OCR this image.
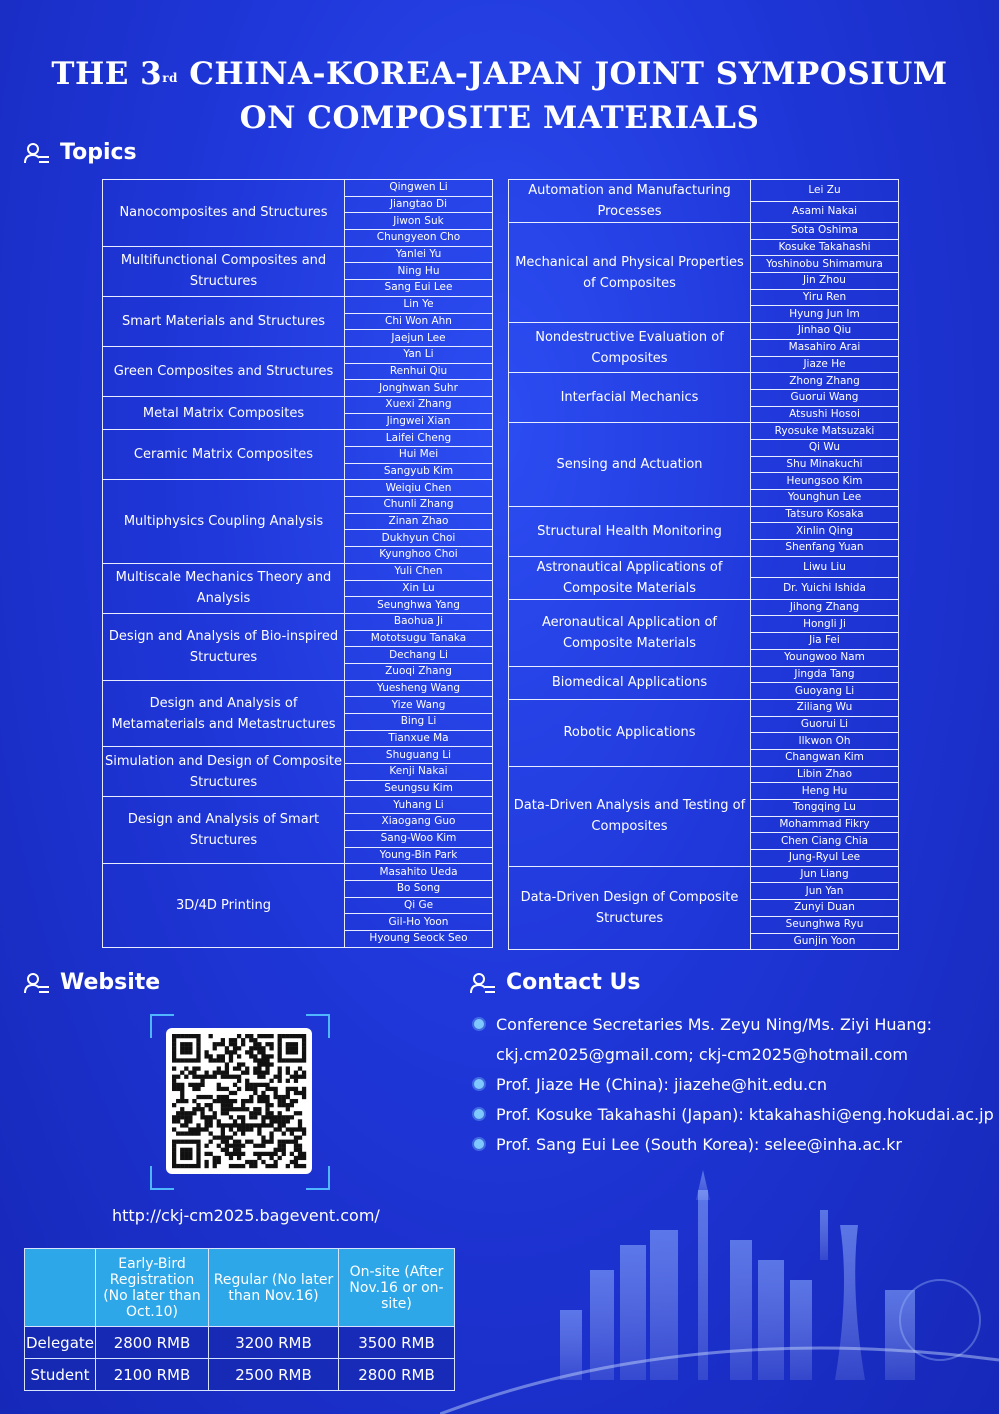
THE 3rd CHINA-KOREA-JAPAN JOINT SYMPOSIUM
ON COMPOSITE MATERIALS
Topics
Nanocomposites and Structures	Qingwen Li
	Jiangtao Di
	Jiwon Suk
	Chungyeon Cho
Multifunctional Composites and Structures	Yanlei Yu
	Ning Hu
	Sang Eui Lee
Smart Materials and Structures	Lin Ye
	Chi Won Ahn
	Jaejun Lee
Green Composites and Structures	Yan Li
	Renhui Qiu
	Jonghwan Suhr
Metal Matrix Composites	Xuexi Zhang
	Jingwei Xian
Ceramic Matrix Composites	Laifei Cheng
	Hui Mei
	Sangyub Kim
Multiphysics Coupling Analysis	Weiqiu Chen
	Chunli Zhang
	Zinan Zhao
	Dukhyun Choi
	Kyunghoo Choi
Multiscale Mechanics Theory and Analysis	Yuli Chen
	Xin Lu
	Seunghwa Yang
Design and Analysis of Bio-inspired Structures	Baohua Ji
	Mototsugu Tanaka
	Dechang Li
	Zuoqi Zhang
Design and Analysis of Metamaterials and Metastructures	Yuesheng Wang
	Yize Wang
	Bing Li
	Tianxue Ma
Simulation and Design of Composite Structures	Shuguang Li
	Kenji Nakai
	Seungsu Kim
Design and Analysis of Smart Structures	Yuhang Li
	Xiaogang Guo
	Sang-Woo Kim
	Young-Bin Park
3D/4D Printing	Masahito Ueda
	Bo Song
	Qi Ge
	Gil-Ho Yoon
	Hyoung Seock Seo
Automation and Manufacturing Processes	Lei Zu
	Asami Nakai
Mechanical and Physical Properties of Composites	Sota Oshima
	Kosuke Takahashi
	Yoshinobu Shimamura
	Jin Zhou
	Yiru Ren
	Hyung Jun Im
Nondestructive Evaluation of Composites	Jinhao Qiu
	Masahiro Arai
	Jiaze He
Interfacial Mechanics	Zhong Zhang
	Guorui Wang
	Atsushi Hosoi
Sensing and Actuation	Ryosuke Matsuzaki
	Qi Wu
	Shu Minakuchi
	Heungsoo Kim
	Younghun Lee
Structural Health Monitoring	Tatsuro Kosaka
	Xinlin Qing
	Shenfang Yuan
Astronautical Applications of Composite Materials	Liwu Liu
	Dr. Yuichi Ishida
Aeronautical Application of Composite Materials	Jihong Zhang
	Hongli Ji
	Jia Fei
	Youngwoo Nam
Biomedical Applications	Jingda Tang
	Guoyang Li
Robotic Applications	Ziliang Wu
	Guorui Li
	Ilkwon Oh
	Changwan Kim
Data-Driven Analysis and Testing of Composites	Libin Zhao
	Heng Hu
	Tongqing Lu
	Mohammad Fikry
	Chen Ciang Chia
	Jung-Ryul Lee
Data-Driven Design of Composite Structures	Jun Liang
	Jun Yan
	Zunyi Duan
	Seunghwa Ryu
	Gunjin Yoon
Website
http://ckj-cm2025.bagevent.com/
Contact Us
Conference Secretaries Ms. Zeyu Ning/Ms. Ziyi Huang:
ckj.cm2025@gmail.com; ckj-cm2025@hotmail.com
Prof. Jiaze He (China): jiazehe@hit.edu.cn
Prof. Kosuke Takahashi (Japan): ktakahashi@eng.hokudai.ac.jp
Prof. Sang Eui Lee (South Korea): selee@inha.ac.kr
	Early-Bird Registration (No later than Oct.10)	Regular (No later than Nov.16)	On-site (After Nov.16 or on-site)
Delegate	2800 RMB	3200 RMB	3500 RMB
Student	2100 RMB	2500 RMB	2800 RMB
